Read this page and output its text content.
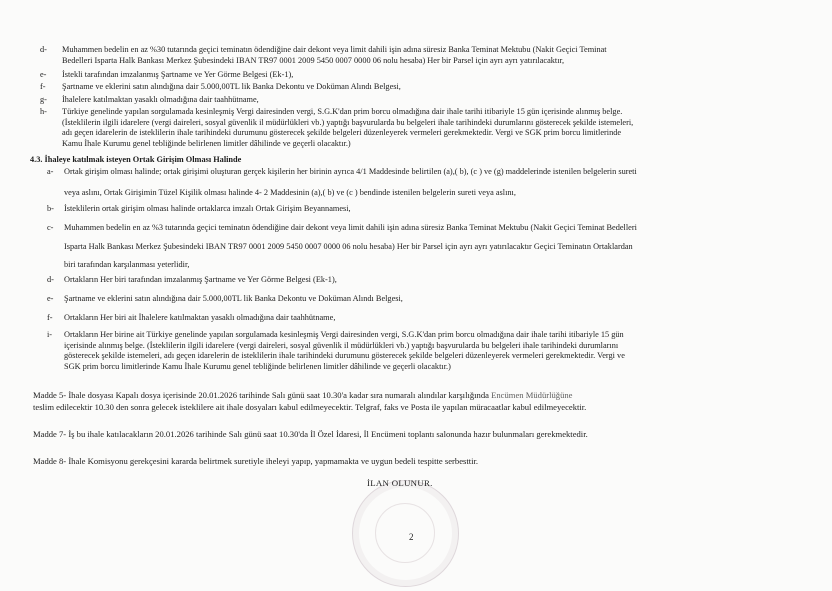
d- Muhammen bedelin en az %30 tutarında geçici teminatın ödendiğine dair dekont veya limit dahili işin adına süresiz Banka Teminat Mektubu (Nakit Geçici Teminat
Bedelleri Isparta Halk Bankası Merkez Şubesindeki IBAN TR97 0001 2009 5450 0007 0000 06 nolu hesaba) Her bir Parsel için ayrı ayrı yatırılacaktır,
e- İstekli tarafından imzalanmış Şartname ve Yer Görme Belgesi (Ek-1),
f- Şartname ve eklerini satın alındığına dair 5.000,00TL lik Banka Dekontu ve Doküman Alındı Belgesi,
g- İhalelere katılmaktan yasaklı olmadığına dair taahhütname,
h- Türkiye genelinde yapılan sorgulamada kesinleşmiş Vergi dairesinden vergi, S.G.K'dan prim borcu olmadığına dair ihale tarihi itibariyle 15 gün içerisinde alınmış belge.
(İsteklilerin ilgili idarelere (vergi daireleri, sosyal güvenlik il müdürlükleri vb.) yaptığı başvurularda bu belgeleri ihale tarihindeki durumlarını gösterecek şekilde istemeleri,
adı geçen idarelerin de isteklilerin ihale tarihindeki durumunu gösterecek şekilde belgeleri düzenleyerek vermeleri gerekmektedir. Vergi ve SGK prim borcu limitlerinde
Kamu İhale Kurumu genel tebliğinde belirlenen limitler dâhilinde ve geçerli olacaktır.)
4.3. İhaleye katılmak isteyen Ortak Girişim Olması Halinde
a- Ortak girişim olması halinde; ortak girişimi oluşturan gerçek kişilerin her birinin ayrıca 4/1 Maddesinde belirtilen (a),( b), (c ) ve (g) maddelerinde istenilen belgelerin sureti
veya aslını, Ortak Girişimin Tüzel Kişilik olması halinde 4- 2 Maddesinin (a),( b) ve (c ) bendinde istenilen belgelerin sureti veya aslını,
b- İsteklilerin ortak girişim olması halinde ortaklarca imzalı Ortak Girişim Beyannamesi,
c- Muhammen bedelin en az %3 tutarında geçici teminatın ödendiğine dair dekont veya limit dahili işin adına süresiz Banka Teminat Mektubu (Nakit Geçici Teminat Bedelleri
Isparta Halk Bankası Merkez Şubesindeki IBAN TR97 0001 2009 5450 0007 0000 06 nolu hesaba) Her bir Parsel için ayrı ayrı yatırılacaktır Geçici Teminatın Ortaklardan
biri tarafından karşılanması yeterlidir,
d- Ortakların Her biri tarafından imzalanmış Şartname ve Yer Görme Belgesi (Ek-1),
e- Şartname ve eklerini satın alındığına dair 5.000,00TL lik Banka Dekontu ve Doküman Alındı Belgesi,
f- Ortakların Her biri ait İhalelere katılmaktan yasaklı olmadığına dair taahhütname,
i- Ortakların Her birine ait Türkiye genelinde yapılan sorgulamada kesinleşmiş Vergi dairesinden vergi, S.G.K'dan prim borcu olmadığına dair ihale tarihi itibariyle 15 gün
içerisinde alınmış belge. (İsteklilerin ilgili idarelere (vergi daireleri, sosyal güvenlik il müdürlükleri vb.) yaptığı başvurularda bu belgeleri ihale tarihindeki durumlarını
gösterecek şekilde istemeleri, adı geçen idarelerin de isteklilerin ihale tarihindeki durumunu gösterecek şekilde belgeleri düzenleyerek vermeleri gerekmektedir. Vergi ve
SGK prim borcu limitlerinde Kamu İhale Kurumu genel tebliğinde belirlenen limitler dâhilinde ve geçerli olacaktır.)
Madde 5- İhale dosyası Kapalı dosya içerisinde 20.01.2026 tarihinde Salı günü saat 10.30'a kadar sıra numaralı alındılar karşılığında Encümen Müdürlüğüne
teslim edilecektir 10.30 den sonra gelecek isteklilere ait ihale dosyaları kabul edilmeyecektir. Telgraf, faks ve Posta ile yapılan müracaatlar kabul edilmeyecektir.
Madde 7- İş bu ihale katılacakların 20.01.2026 tarihinde Salı günü saat 10.30'da İl Özel İdaresi, İl Encümeni toplantı salonunda hazır bulunmaları gerekmektedir.
Madde 8- İhale Komisyonu gerekçesini kararda belirtmek suretiyle iheleyi yapıp, yapmamakta ve uygun bedeli tespitte serbesttir.
İLAN OLUNUR.
2
